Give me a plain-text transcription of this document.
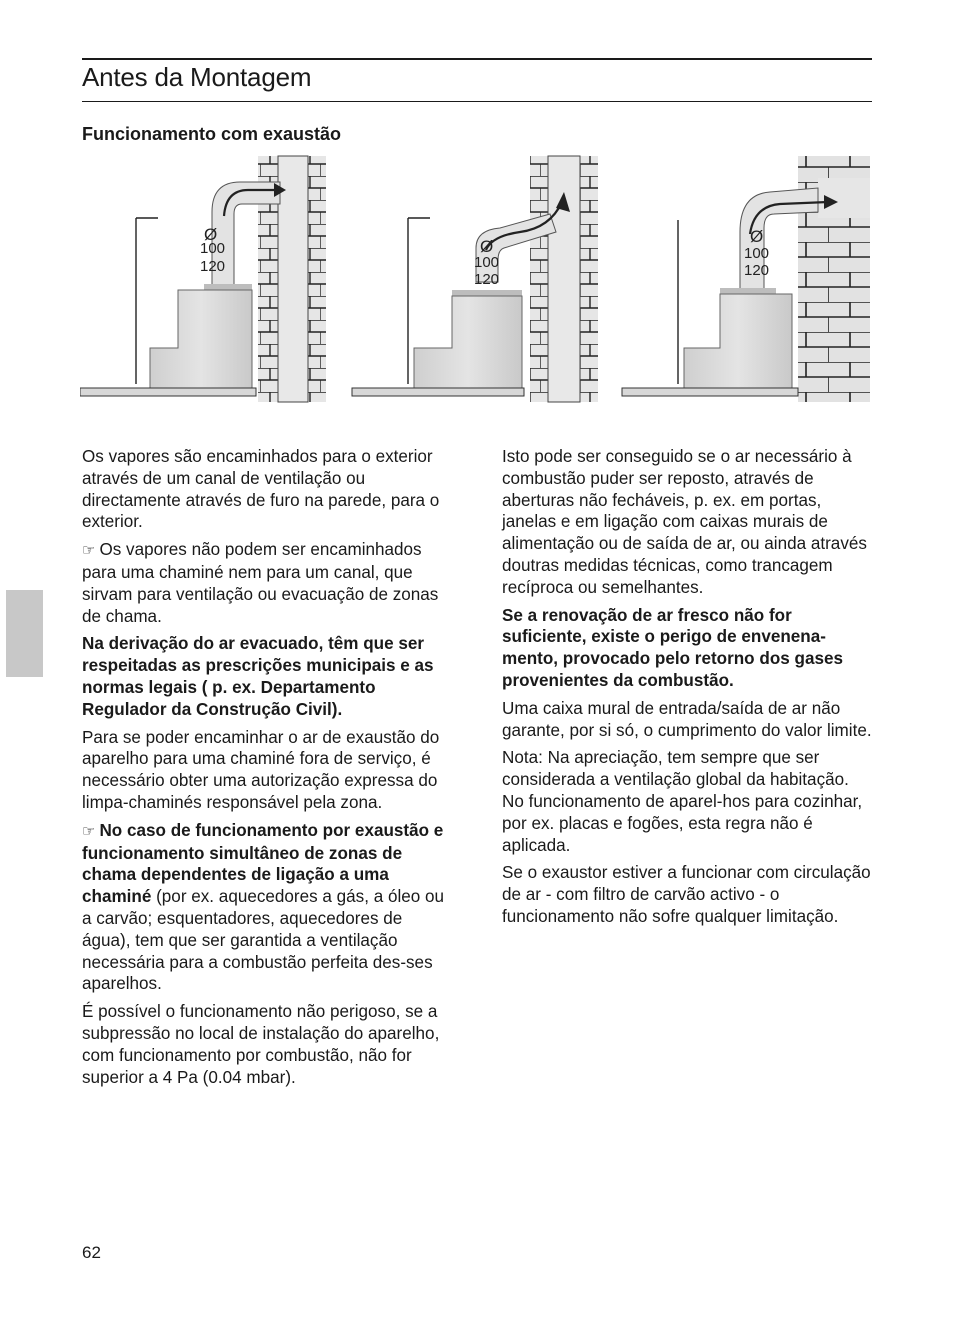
Antes da Montagem
Funcionamento com exaustão
Ø
100
120
Ø
100
120
Ø
100
120

Os vapores são encaminhados para o exterior através de um canal de ventilação ou directamente através de furo na parede, para o exterior.

☞ Os vapores não podem ser encaminhados para uma chaminé nem para um canal, que sirvam para ventilação ou evacuação de zonas de chama.

Na derivação do ar evacuado, têm que ser respeitadas as prescrições municipais e as normas legais ( p. ex. Departamento Regulador da Construção Civil).

Para se poder encaminhar o ar de exaustão do aparelho para uma chaminé fora de serviço, é necessário obter uma autorização expressa do limpa-chaminés responsável pela zona.

☞ No caso de funcionamento por exaustão e funcionamento simultâneo de zonas de chama dependentes de ligação a uma chaminé (por ex. aquecedores a gás, a óleo ou a carvão; esquentadores, aquecedores de água), tem que ser garantida a ventilação necessária para a combustão perfeita des-ses aparelhos.

É possível o funcionamento não perigoso, se a subpressão no local de instalação do aparelho, com funcionamento por combustão, não for superior a 4 Pa (0.04 mbar).

Isto pode ser conseguido se o ar necessário à combustão puder ser reposto, através de aberturas não fecháveis, p. ex. em portas, janelas e em ligação com caixas murais de alimentação ou de saída de ar, ou ainda através doutras medidas técnicas, como trancagem recíproca ou semelhantes.

Se a renovação de ar fresco não for suficiente, existe o perigo de envenena-mento, provocado pelo retorno dos gases provenientes da combustão.

Uma caixa mural de entrada/saída de ar não garante, por si só, o cumprimento do valor limite.

Nota: Na apreciação, tem sempre que ser considerada a ventilação global da habitação. No funcionamento de aparel-hos para cozinhar, por ex. placas e fogões, esta regra não é aplicada.

Se o exaustor estiver a funcionar com circulação de ar - com filtro de carvão activo - o funcionamento não sofre qualquer limitação.

62
